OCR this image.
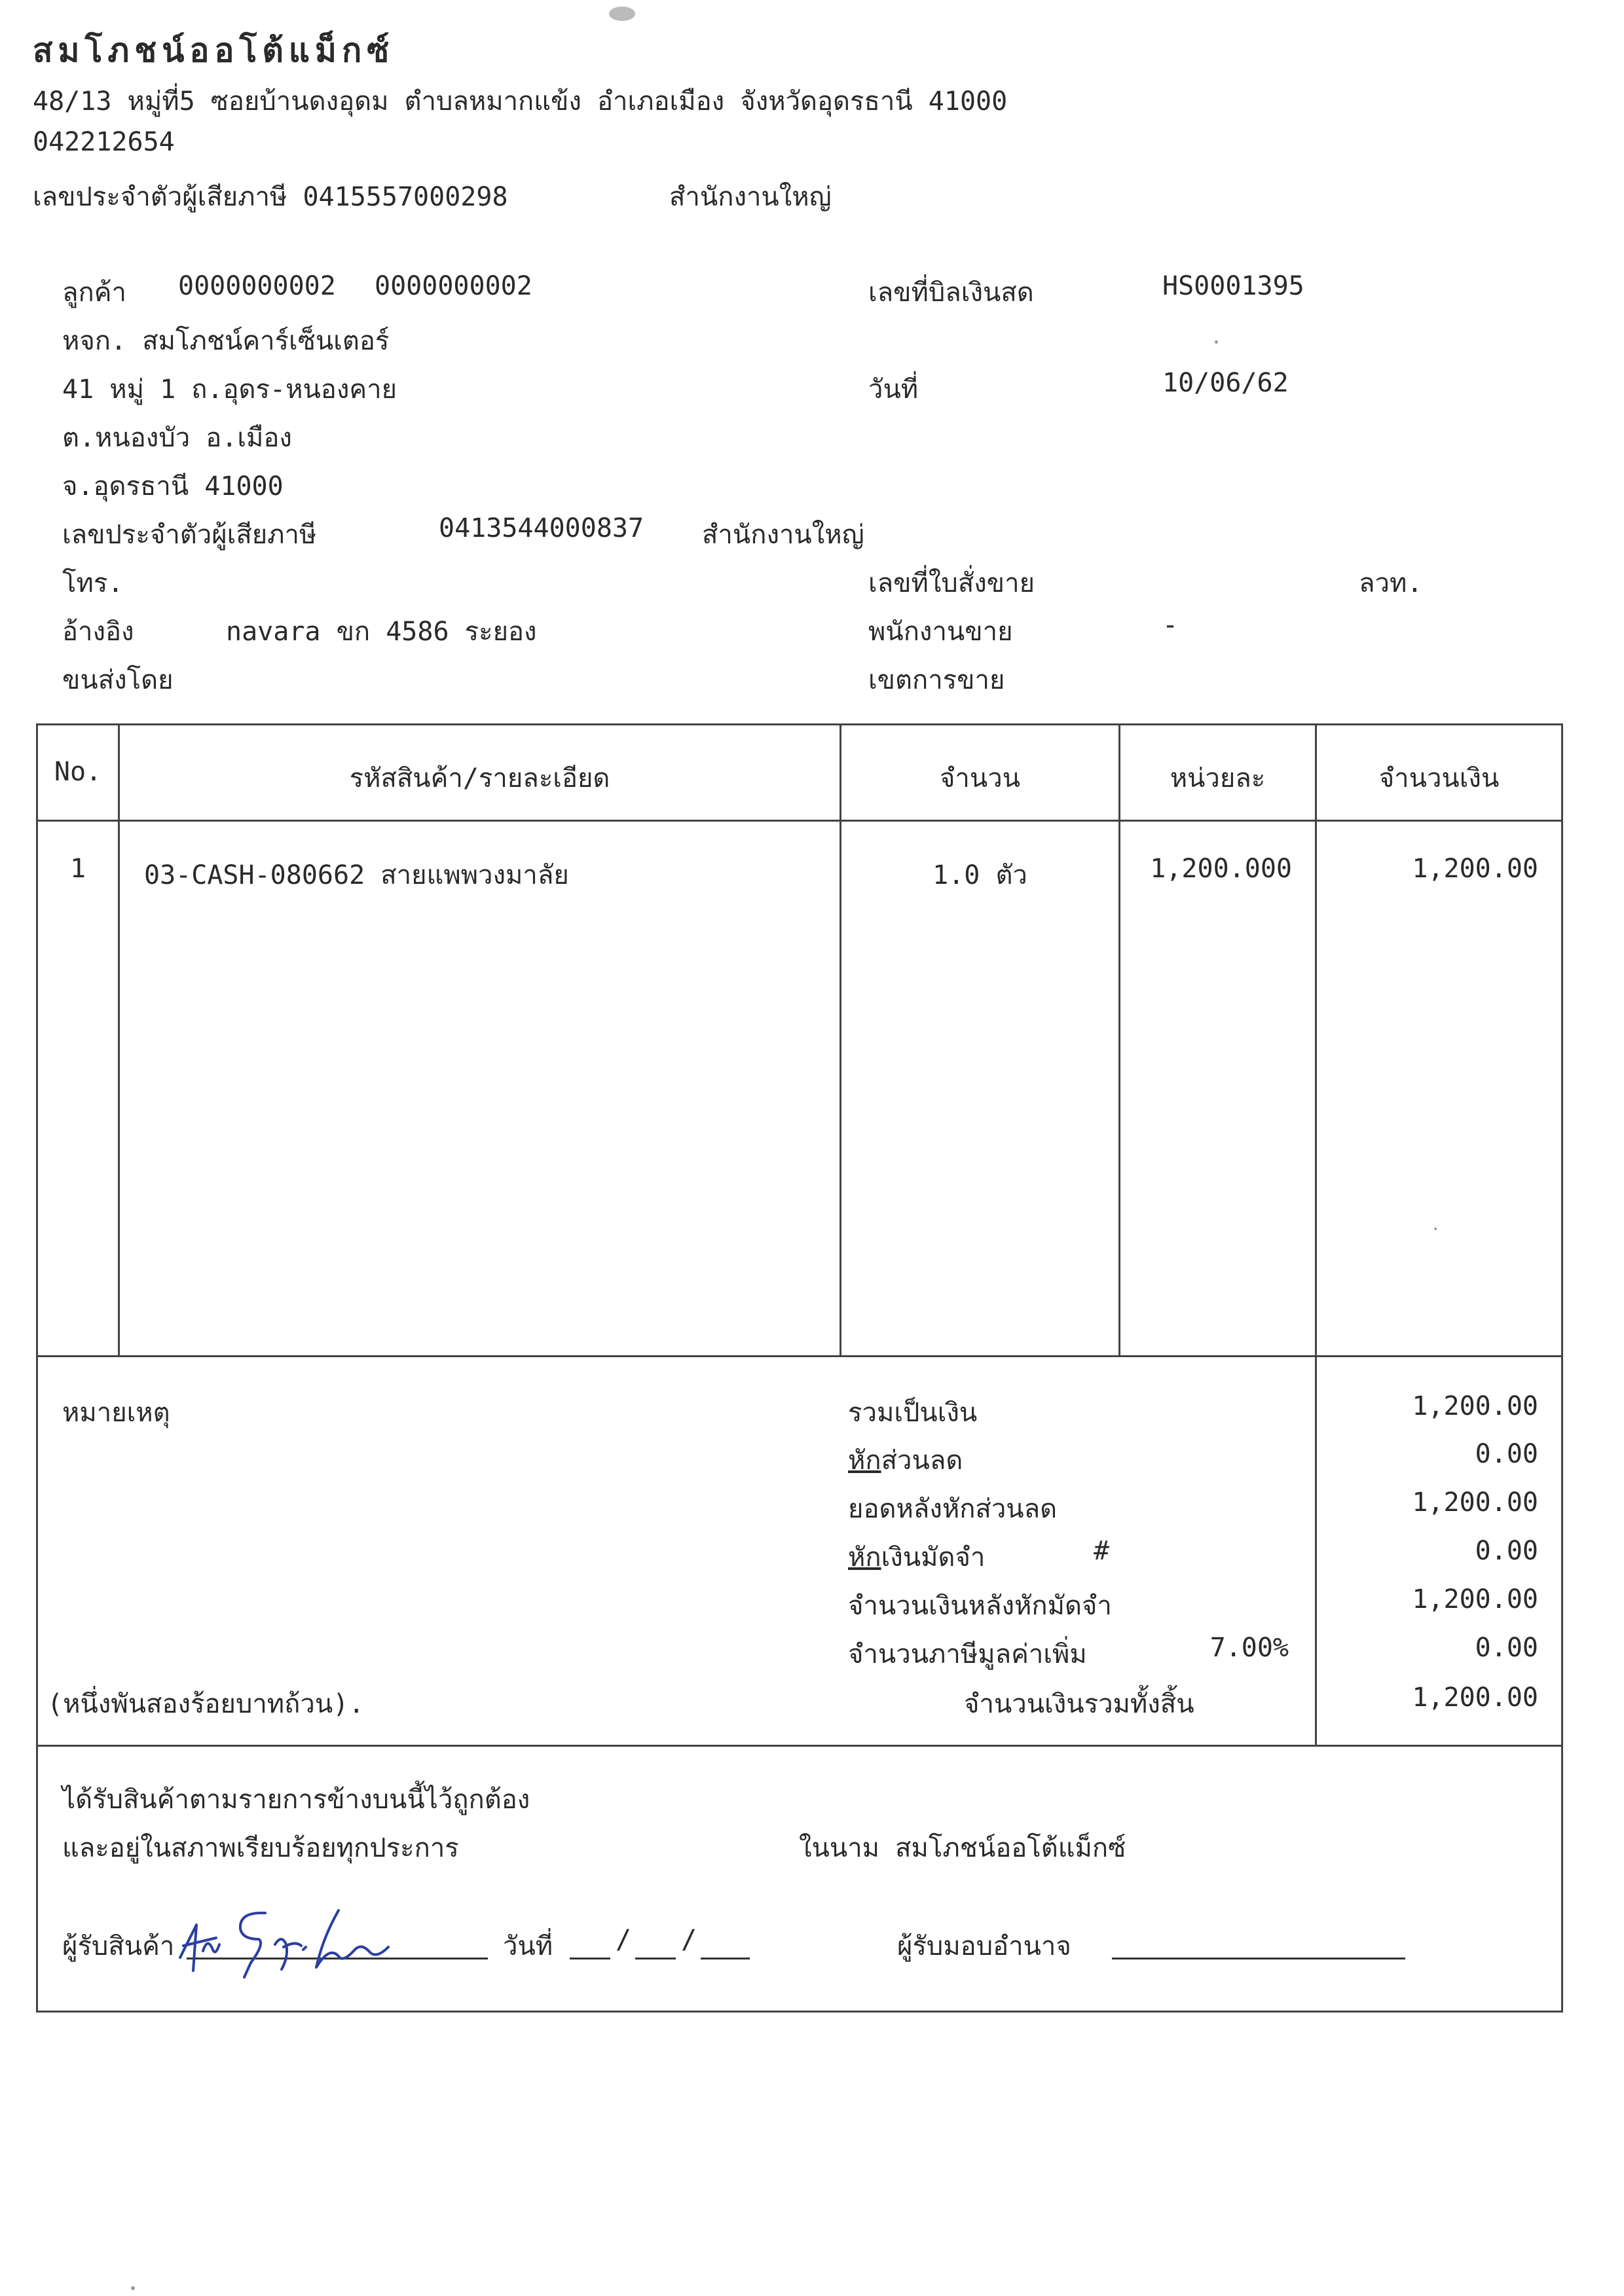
สมโภชน์ออโต้แม็กซ์
48/13 หมู่ที่5 ซอยบ้านดงอุดม ตำบลหมากแข้ง อำเภอเมือง จังหวัดอุดรธานี 41000
042212654
เลขประจำตัวผู้เสียภาษี 0415557000298	สำนักงานใหญ่
ลูกค้า 0000000002 0000000002
หจก. สมโภชน์คาร์เซ็นเตอร์
41 หมู่ 1 ถ.อุดร-หนองคาย
ต.หนองบัว อ.เมือง
จ.อุดรธานี 41000
เลขประจำตัวผู้เสียภาษี	0413544000837 สำนักงานใหญ่
โทร.
อ้างอิง	navara ขก 4586 ระยอง
ขนส่งโดย
เลขที่บิลเงินสด	HS0001395
วันที่	10/06/62
เลขที่ใบสั่งขาย	ลวท.
พนักงานขาย	-
เขตการขาย
No.	รหัสสินค้า/รายละเอียด	จำนวน	หน่วยละ	จำนวนเงิน
1	03-CASH-080662 สายแพพวงมาลัย	1.0 ตัว	1,200.000	1,200.00
หมายเหตุ	รวมเป็นเงิน	1,200.00
หักส่วนลด	0.00
ยอดหลังหักส่วนลด	1,200.00
หักเงินมัดจำ	#	0.00
จำนวนเงินหลังหักมัดจำ	1,200.00
จำนวนภาษีมูลค่าเพิ่ม	7.00%	0.00
(หนึ่งพันสองร้อยบาทถ้วน).	จำนวนเงินรวมทั้งสิ้น	1,200.00
ได้รับสินค้าตามรายการข้างบนนี้ไว้ถูกต้อง
และอยู่ในสภาพเรียบร้อยทุกประการ	ในนาม สมโภชน์ออโต้แม็กซ์
ผู้รับสินค้า	วันที่ / /	ผู้รับมอบอำนาจ
